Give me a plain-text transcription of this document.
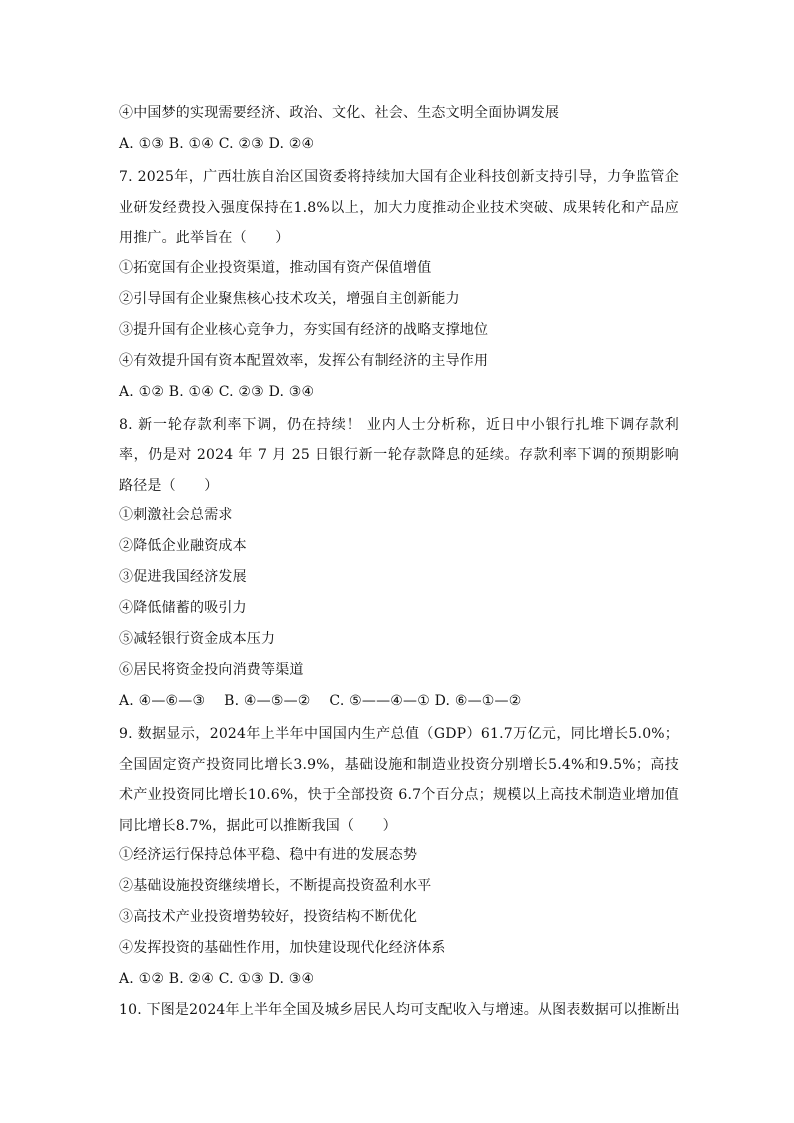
④中国梦的实现需要经济、政治、文化、社会、生态文明全面协调发展
A. ①③ B. ①④ C. ②③ D. ②④
7. 2025年，广西壮族自治区国资委将持续加大国有企业科技创新支持引导，力争监管企业研发经费投入强度保持在1.8%以上，加大力度推动企业技术突破、成果转化和产品应用推广。此举旨在（　　）
①拓宽国有企业投资渠道，推动国有资产保值增值
②引导国有企业聚焦核心技术攻关，增强自主创新能力
③提升国有企业核心竞争力，夯实国有经济的战略支撑地位
④有效提升国有资本配置效率，发挥公有制经济的主导作用
A. ①② B. ①④ C. ②③ D. ③④
8. 新一轮存款利率下调，仍在持续！ 业内人士分析称，近日中小银行扎堆下调存款利率，仍是对 2024 年 7 月 25 日银行新一轮存款降息的延续。存款利率下调的预期影响路径是（　　）
①刺激社会总需求
②降低企业融资成本
③促进我国经济发展
④降低储蓄的吸引力
⑤减轻银行资金成本压力
⑥居民将资金投向消费等渠道
A. ④—⑥—③　 B. ④—⑤—②　 C. ⑤——④—① D. ⑥—①—②
9. 数据显示，2024年上半年中国国内生产总值（GDP）61.7万亿元，同比增长5.0%；全国固定资产投资同比增长3.9%，基础设施和制造业投资分别增长5.4%和9.5%；高技术产业投资同比增长10.6%，快于全部投资 6.7个百分点；规模以上高技术制造业增加值同比增长8.7%，据此可以推断我国（　　）
①经济运行保持总体平稳、稳中有进的发展态势
②基础设施投资继续增长，不断提高投资盈利水平
③高技术产业投资增势较好，投资结构不断优化
④发挥投资的基础性作用，加快建设现代化经济体系
A. ①② B. ②④ C. ①③ D. ③④
10. 下图是2024年上半年全国及城乡居民人均可支配收入与增速。从图表数据可以推断出
